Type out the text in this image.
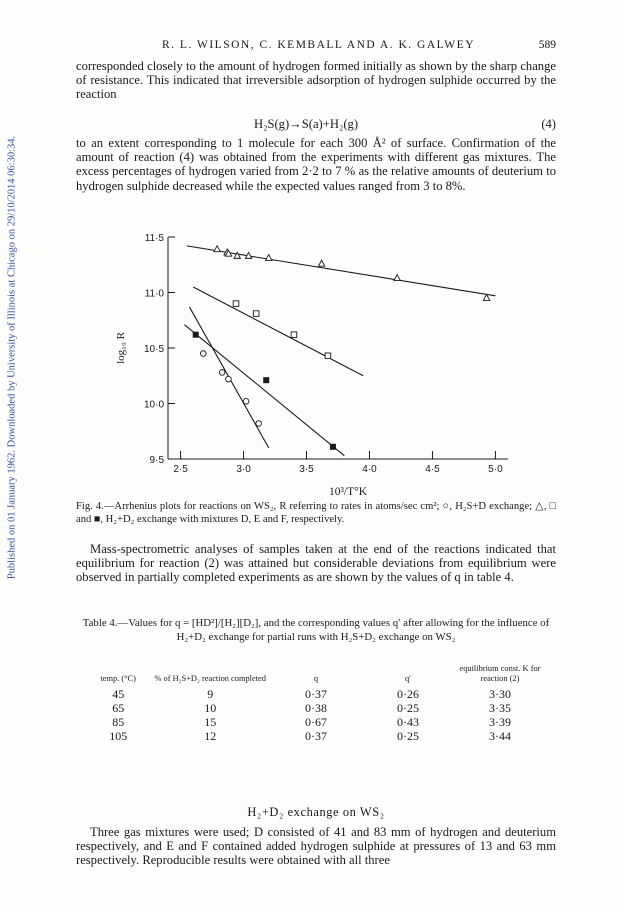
Published on 01 January 1962. Downloaded by University of Illinois at Chicago on 29/10/2014 06:30:34.
R. L. WILSON, C. KEMBALL AND A. K. GALWEY	589

corresponded closely to the amount of hydrogen formed initially as shown by the sharp change of resistance. This indicated that irreversible adsorption of hydrogen sulphide occurred by the reaction

H₂S(g)→S(a)+H₂(g)	(4)

to an extent corresponding to 1 molecule for each 300 Å² of surface. Confirmation of the amount of reaction (4) was obtained from the experiments with different gas mixtures. The excess percentages of hydrogen varied from 2·2 to 7 % as the relative amounts of deuterium to hydrogen sulphide decreased while the expected values ranged from 3 to 8%.

9·5
10·0
10·5
11·0
11·5
2·5	3·0	3·5	4·0	4·5	5·0
10³/T°K
log₁₀ R

Fig. 4.—Arrhenius plots for reactions on WS₂, R referring to rates in atoms/sec cm²; ○, H₂S+D exchange; △, □ and ■, H₂+D₂ exchange with mixtures D, E and F, respectively.

Mass-spectrometric analyses of samples taken at the end of the reactions indicated that equilibrium for reaction (2) was attained but considerable deviations from equilibrium were observed in partially completed experiments as are shown by the values of q in table 4.

Table 4.—Values for q = [HD²]/[H₂][D₂], and the corresponding values q′ after allowing for the influence of H₂+D₂ exchange for partial runs with H₂S+D₂ exchange on WS₂

temp. (°C)	% of H₂S+D₂ reaction completed	q	q′	equilibrium const. K for reaction (2)
45	9	0·37	0·26	3·30
65	10	0·38	0·25	3·35
85	15	0·67	0·43	3·39
105	12	0·37	0·25	3·44
H₂+D₂ exchange on WS₂

Three gas mixtures were used; D consisted of 41 and 83 mm of hydrogen and deuterium respectively, and E and F contained added hydrogen sulphide at pressures of 13 and 63 mm respectively. Reproducible results were obtained with all three
